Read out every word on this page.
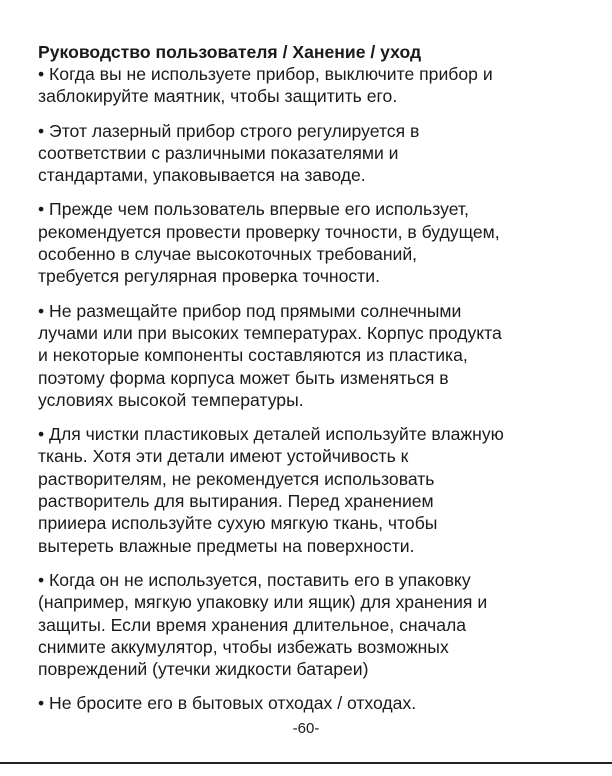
Руководство пользователя / Ханение / уход

• Когда вы не используете прибор, выключите прибор и
заблокируйте маятник, чтобы защитить его.

• Этот лазерный прибор строго регулируется в
соответствии с различными показателями и
стандартами, упаковывается на заводе.

• Прежде чем пользователь впервые его использует,
рекомендуется провести проверку точности, в будущем,
особенно в случае высокоточных требований,
требуется регулярная проверка точности.

• Не размещайте прибор под прямыми солнечными
лучами или при высоких температурах. Корпус продукта
и некоторые компоненты составляются из пластика,
поэтому форма корпуса может быть изменяться в
условиях высокой температуры.

• Для чистки пластиковых деталей используйте влажную
ткань. Хотя эти детали имеют устойчивость к
растворителям, не рекомендуется использовать
растворитель для вытирания. Перед хранением
прииера используйте сухую мягкую ткань, чтобы
вытереть влажные предметы на поверхности.

• Когда он не используется, поставить его в упаковку
(например, мягкую упаковку или ящик) для хранения и
защиты. Если время хранения длительное, сначала
снимите аккумулятор, чтобы избежать возможных
повреждений (утечки жидкости батареи)

• Не бросите его в бытовых отходах / отходах.

-60-
